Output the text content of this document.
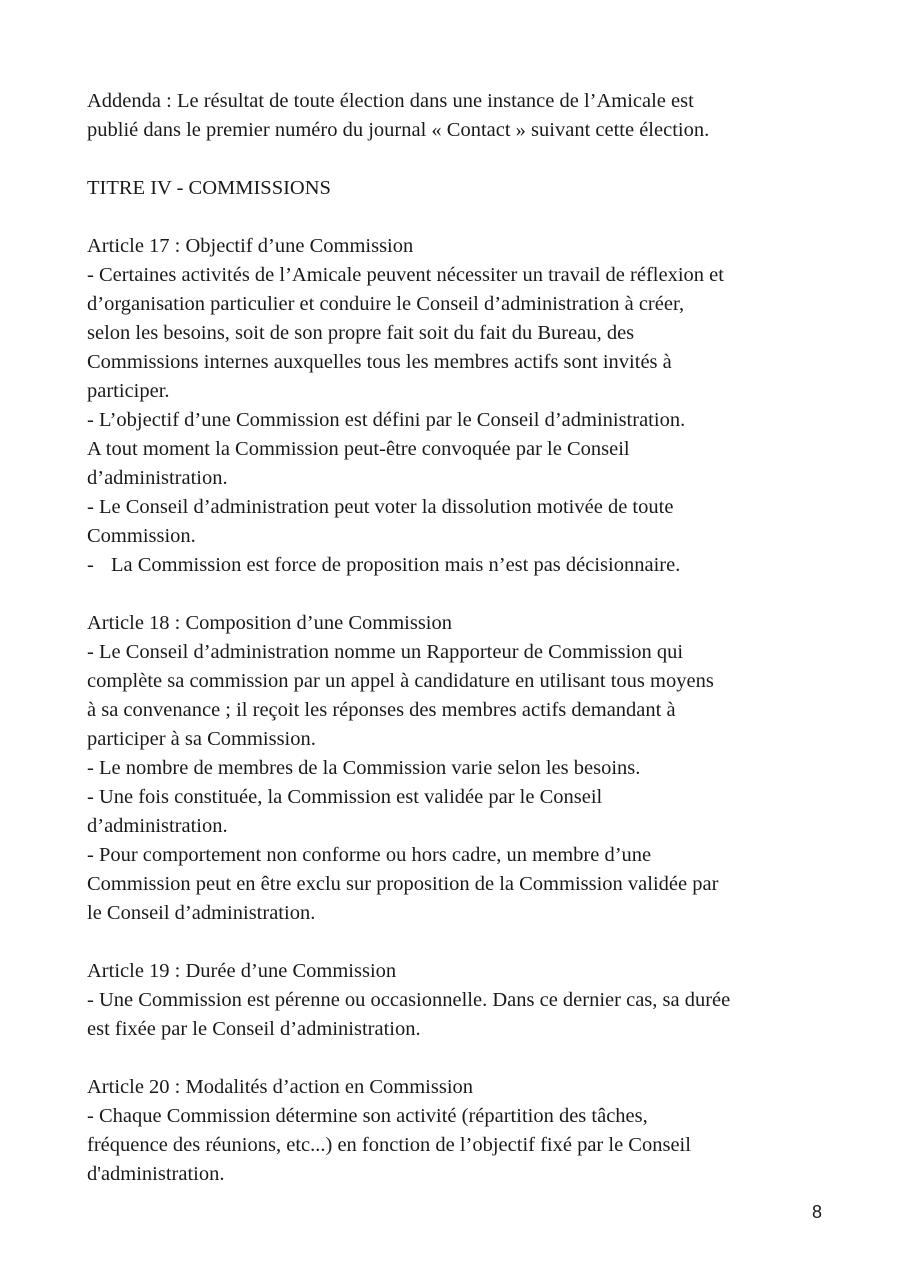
Addenda : Le résultat de toute élection dans une instance de l’Amicale est
publié dans le premier numéro du journal « Contact » suivant cette élection.
TITRE IV - COMMISSIONS
Article 17 : Objectif d’une Commission
- Certaines activités de l’Amicale peuvent nécessiter un travail de réflexion et
d’organisation particulier et conduire le Conseil d’administration à créer,
selon les besoins, soit de son propre fait soit du fait du Bureau, des
Commissions internes auxquelles tous les membres actifs sont invités à
participer.
- L’objectif d’une Commission est défini par le Conseil d’administration.
A tout moment la Commission peut-être convoquée par le Conseil
d’administration.
- Le Conseil d’administration peut voter la dissolution motivée de toute
Commission.
- La Commission est force de proposition mais n’est pas décisionnaire.
Article 18 : Composition d’une Commission
- Le Conseil d’administration nomme un Rapporteur de Commission qui
complète sa commission par un appel à candidature en utilisant tous moyens
à sa convenance ; il reçoit les réponses des membres actifs demandant à
participer à sa Commission.
- Le nombre de membres de la Commission varie selon les besoins.
- Une fois constituée, la Commission est validée par le Conseil
d’administration.
- Pour comportement non conforme ou hors cadre, un membre d’une
Commission peut en être exclu sur proposition de la Commission validée par
le Conseil d’administration.
Article 19 : Durée d’une Commission
- Une Commission est pérenne ou occasionnelle. Dans ce dernier cas, sa durée
est fixée par le Conseil d’administration.
Article 20 : Modalités d’action en Commission
- Chaque Commission détermine son activité (répartition des tâches,
fréquence des réunions, etc...) en fonction de l’objectif fixé par le Conseil
d'administration.
8
